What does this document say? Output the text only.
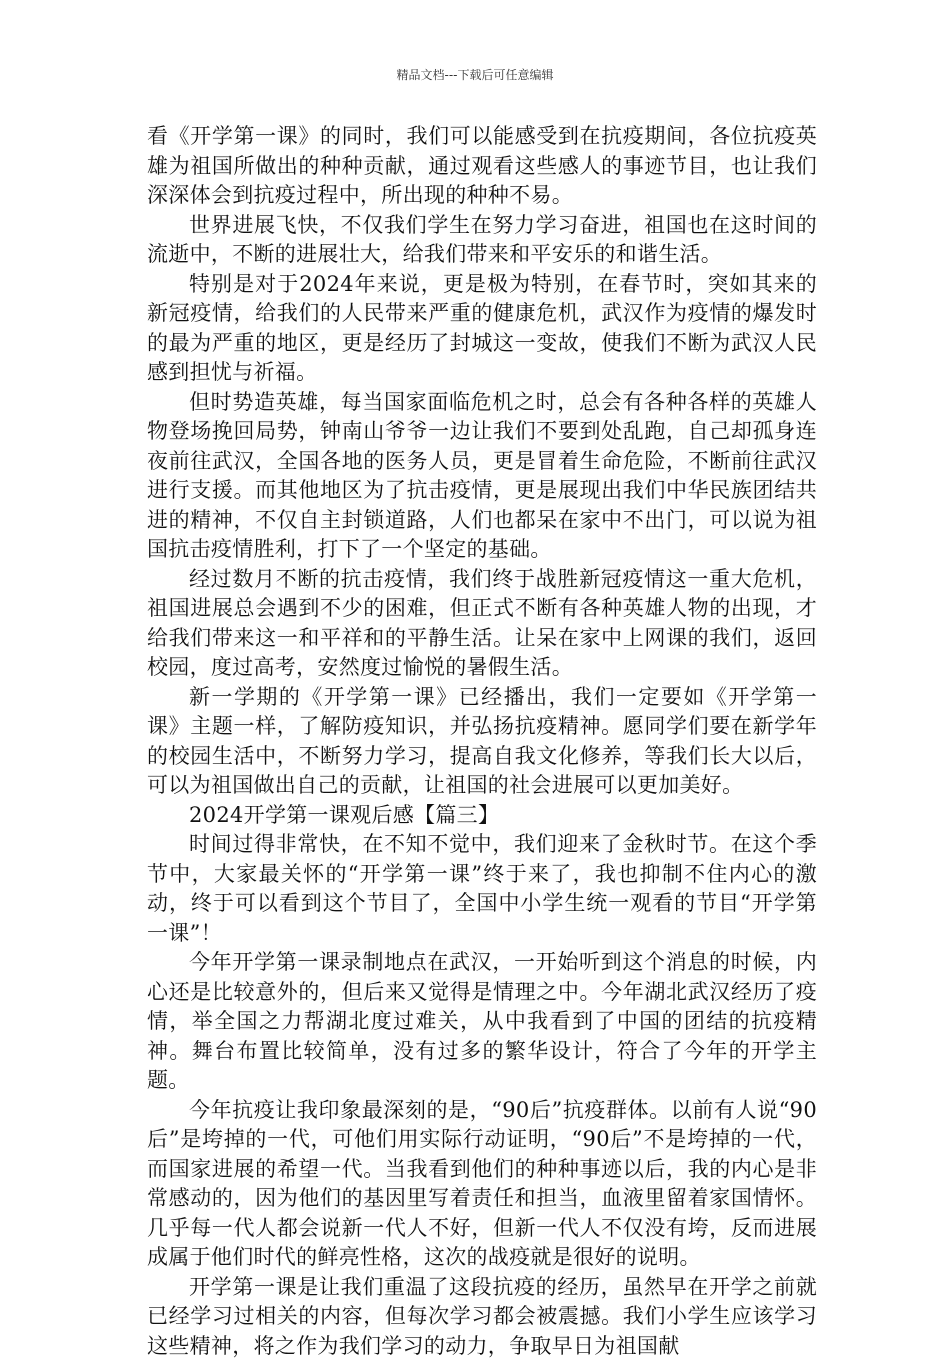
精品文档---下载后可任意编辑

看《开学第一课》的同时，我们可以能感受到在抗疫期间，各位抗疫英雄为祖国所做出的种种贡献，通过观看这些感人的事迹节目，也让我们深深体会到抗疫过程中，所出现的种种不易。

世界进展飞快，不仅我们学生在努力学习奋进，祖国也在这时间的流逝中，不断的进展壮大，给我们带来和平安乐的和谐生活。

特别是对于2024年来说，更是极为特别，在春节时，突如其来的新冠疫情，给我们的人民带来严重的健康危机，武汉作为疫情的爆发时的最为严重的地区，更是经历了封城这一变故，使我们不断为武汉人民感到担忧与祈福。

但时势造英雄，每当国家面临危机之时，总会有各种各样的英雄人物登场挽回局势，钟南山爷爷一边让我们不要到处乱跑，自己却孤身连夜前往武汉，全国各地的医务人员，更是冒着生命危险，不断前往武汉进行支援。而其他地区为了抗击疫情，更是展现出我们中华民族团结共进的精神，不仅自主封锁道路，人们也都呆在家中不出门，可以说为祖国抗击疫情胜利，打下了一个坚定的基础。

经过数月不断的抗击疫情，我们终于战胜新冠疫情这一重大危机，祖国进展总会遇到不少的困难，但正式不断有各种英雄人物的出现，才给我们带来这一和平祥和的平静生活。让呆在家中上网课的我们，返回校园，度过高考，安然度过愉悦的暑假生活。

新一学期的《开学第一课》已经播出，我们一定要如《开学第一课》主题一样，了解防疫知识，并弘扬抗疫精神。愿同学们要在新学年的校园生活中，不断努力学习，提高自我文化修养，等我们长大以后，可以为祖国做出自己的贡献，让祖国的社会进展可以更加美好。

2024开学第一课观后感【篇三】

时间过得非常快，在不知不觉中，我们迎来了金秋时节。在这个季节中，大家最关怀的“开学第一课”终于来了，我也抑制不住内心的激动，终于可以看到这个节目了，全国中小学生统一观看的节目“开学第一课”！

今年开学第一课录制地点在武汉，一开始听到这个消息的时候，内心还是比较意外的，但后来又觉得是情理之中。今年湖北武汉经历了疫情，举全国之力帮湖北度过难关，从中我看到了中国的团结的抗疫精神。舞台布置比较简单，没有过多的繁华设计，符合了今年的开学主题。

今年抗疫让我印象最深刻的是，“90后”抗疫群体。以前有人说“90后”是垮掉的一代，可他们用实际行动证明，“90后”不是垮掉的一代，而国家进展的希望一代。当我看到他们的种种事迹以后，我的内心是非常感动的，因为他们的基因里写着责任和担当，血液里留着家国情怀。几乎每一代人都会说新一代人不好，但新一代人不仅没有垮，反而进展成属于他们时代的鲜亮性格，这次的战疫就是很好的说明。

开学第一课是让我们重温了这段抗疫的经历，虽然早在开学之前就已经学习过相关的内容，但每次学习都会被震撼。我们小学生应该学习这些精神，将之作为我们学习的动力，争取早日为祖国献
